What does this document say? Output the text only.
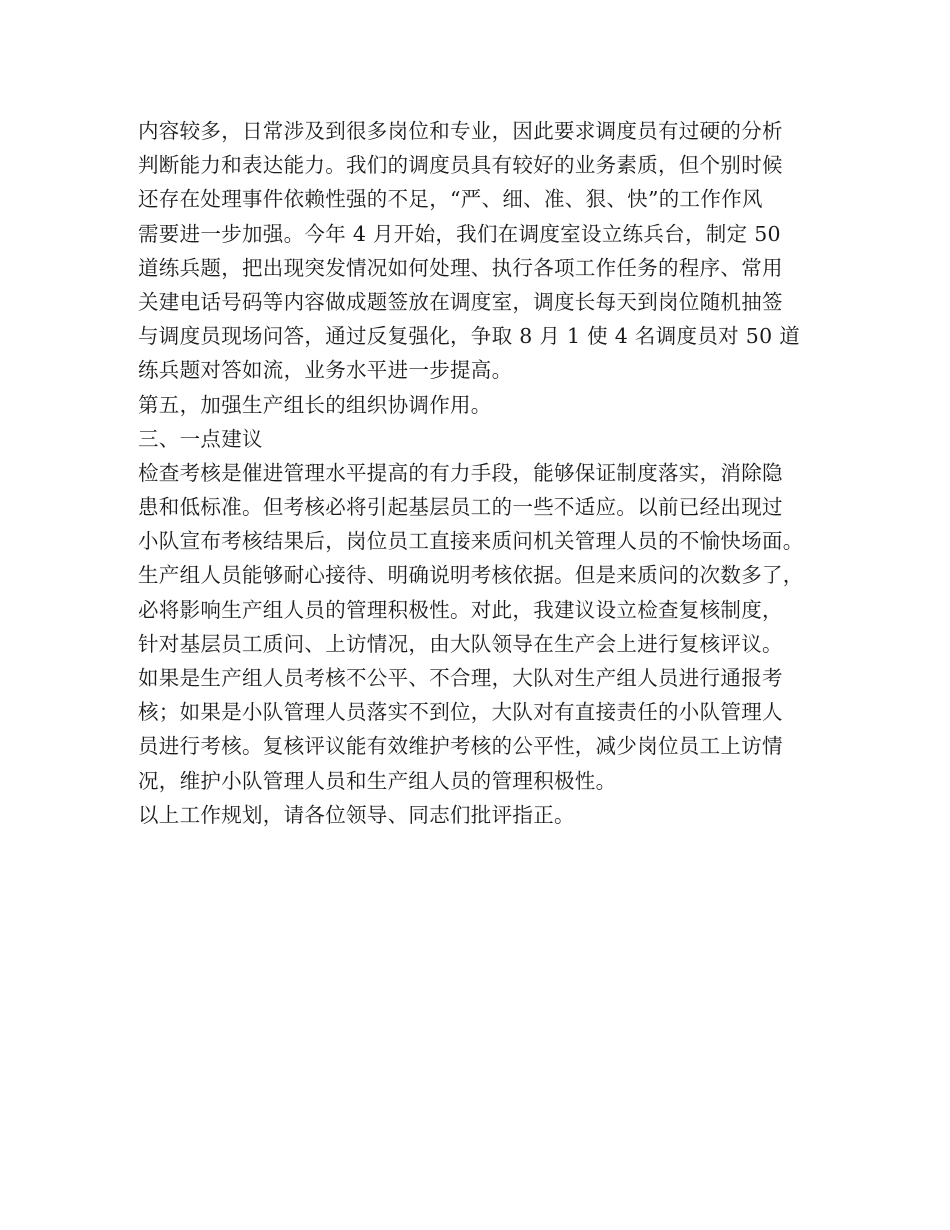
内容较多，日常涉及到很多岗位和专业，因此要求调度员有过硬的分析
判断能力和表达能力。我们的调度员具有较好的业务素质，但个别时候
还存在处理事件依赖性强的不足，“严、细、准、狠、快”的工作作风
需要进一步加强。今年 4 月开始，我们在调度室设立练兵台，制定 50
道练兵题，把出现突发情况如何处理、执行各项工作任务的程序、常用
关建电话号码等内容做成题签放在调度室，调度长每天到岗位随机抽签
与调度员现场问答，通过反复强化，争取 8 月 1 使 4 名调度员对 50 道
练兵题对答如流，业务水平进一步提高。
第五，加强生产组长的组织协调作用。
三、一点建议
检查考核是催进管理水平提高的有力手段，能够保证制度落实，消除隐
患和低标准。但考核必将引起基层员工的一些不适应。以前已经出现过
小队宣布考核结果后，岗位员工直接来质问机关管理人员的不愉快场面。
生产组人员能够耐心接待、明确说明考核依据。但是来质问的次数多了，
必将影响生产组人员的管理积极性。对此，我建议设立检查复核制度，
针对基层员工质问、上访情况，由大队领导在生产会上进行复核评议。
如果是生产组人员考核不公平、不合理，大队对生产组人员进行通报考
核；如果是小队管理人员落实不到位，大队对有直接责任的小队管理人
员进行考核。复核评议能有效维护考核的公平性，减少岗位员工上访情
况，维护小队管理人员和生产组人员的管理积极性。
以上工作规划，请各位领导、同志们批评指正。
